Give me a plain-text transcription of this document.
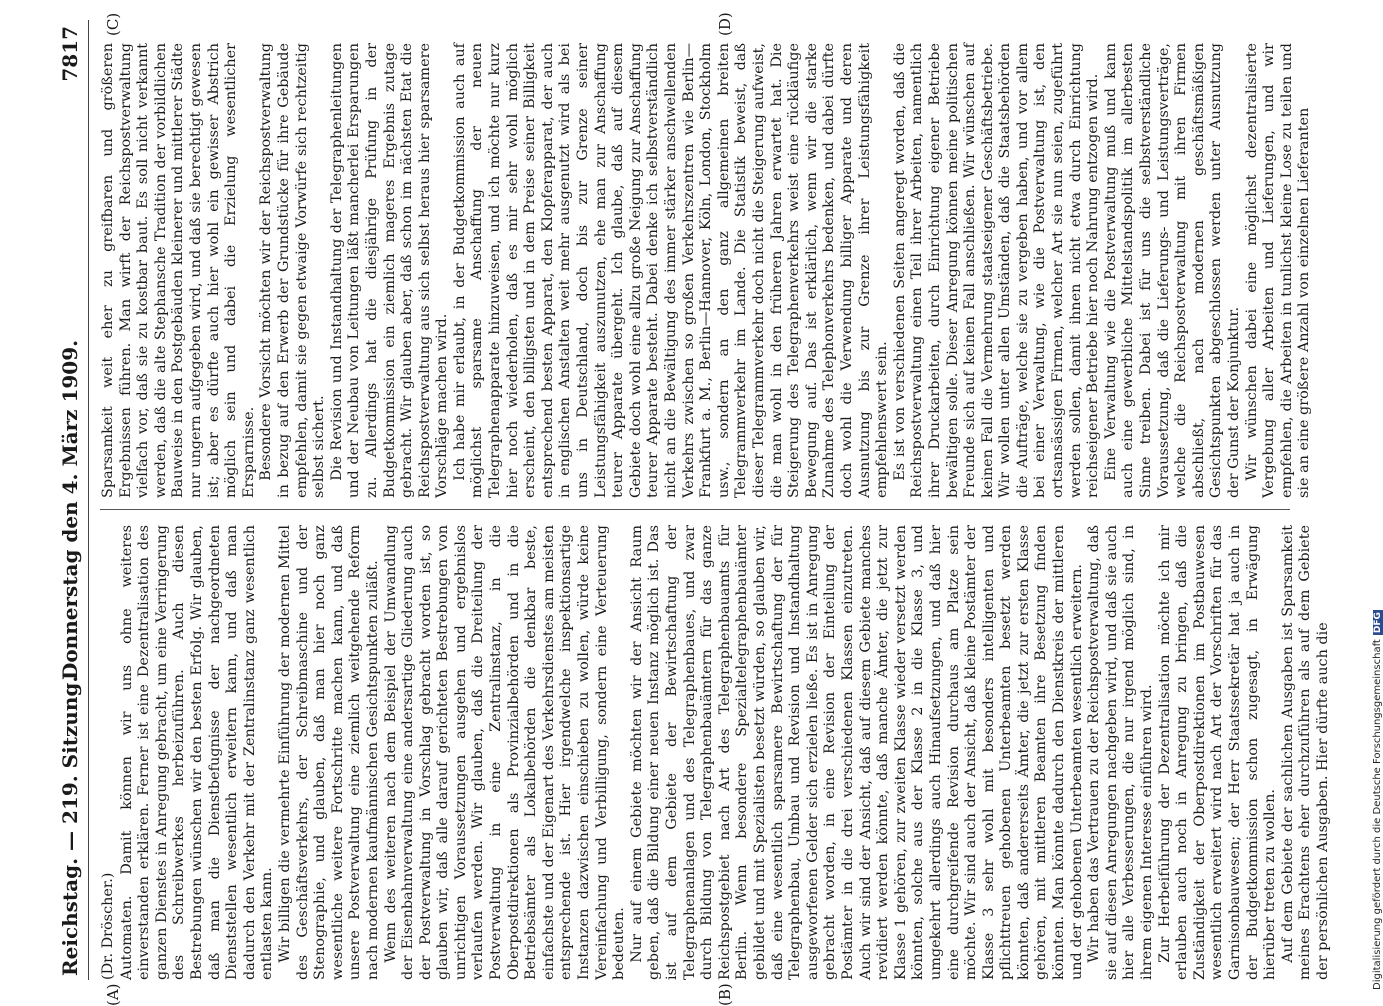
Reichstag. — 219. Sitzung.
Donnerstag den 4. März 1909.
7817
(A)	(B)
(C)	(D)

(Dr. Dröscher.) Automaten. Damit können wir uns ohne weiteres einverstanden erklären. Ferner ist eine Dezentralisation des ganzen Dienstes in Anregung gebracht, um eine Verringerung des Schreibwerkes herbeizuführen. Auch diesen Bestrebungen wünschen wir den besten Erfolg. Wir glauben, daß man die Dienstbefugnisse der nachgeordneten Dienststellen wesentlich erweitern kann, und daß man dadurch den Verkehr mit der Zentralinstanz ganz wesentlich entlasten kann. Wir billigen die vermehrte Einführung der modernen Mittel des Geschäftsverkehrs, der Schreibmaschine und der Stenographie, und glauben, daß man hier noch ganz wesentliche weitere Fortschritte machen kann, und daß unsere Postverwaltung eine ziemlich weitgehende Reform nach modernen kaufmännischen Gesichtspunkten zuläßt. Wenn des weiteren nach dem Beispiel der Umwandlung der Eisenbahnverwaltung eine andersartige Gliederung auch der Postverwaltung in Vorschlag gebracht worden ist, so glauben wir, daß alle darauf gerichteten Bestrebungen von unrichtigen Voraussetzungen ausgehen und ergebnislos verlaufen werden. Wir glauben, daß die Dreiteilung der Postverwaltung in eine Zentralinstanz, in die Oberpostdirektionen als Provinzialbehörden und in die Betriebsämter als Lokalbehörden die denkbar beste, einfachste und der Eigenart des Verkehrsdienstes am meisten entsprechende ist. Hier irgendwelche inspektionsartige Instanzen dazwischen einschieben zu wollen, würde keine Vereinfachung und Verbilligung, sondern eine Verteuerung bedeuten. Nur auf einem Gebiete möchten wir der Ansicht Raum geben, daß die Bildung einer neuen Instanz möglich ist. Das ist auf dem Gebiete der Bewirtschaftung der Telegraphenanlagen und des Telegraphenbaues, und zwar durch Bildung von Telegraphenbauämtern für das ganze Reichspostgebiet nach Art des Telegraphenbauamts für Berlin. Wenn besondere Spezialtelegraphenbauämter gebildet und mit Spezialisten besetzt würden, so glauben wir, daß eine wesentlich sparsamere Bewirtschaftung der für Telegraphenbau, Umbau und Revision und Instandhaltung ausgeworfenen Gelder sich erzielen ließe. Es ist in Anregung gebracht worden, in eine Revision der Einteilung der Postämter in die drei verschiedenen Klassen einzutreten. Auch wir sind der Ansicht, daß auf diesem Gebiete manches revidiert werden könnte, daß manche Ämter, die jetzt zur Klasse 1 gehören, zur zweiten Klasse wieder versetzt werden könnten, solche aus der Klasse 2 in die Klasse 3, und umgekehrt allerdings auch Hinaufsetzungen, und daß hier eine durchgreifende Revision durchaus am Platze sein möchte. Wir sind auch der Ansicht, daß kleine Postämter der Klasse 3 sehr wohl mit besonders intelligenten und pflichttreuen gehobenen Unterbeamten besetzt werden könnten, daß andererseits Ämter, die jetzt zur ersten Klasse gehören, mit mittleren Beamten ihre Besetzung finden könnten. Man könnte dadurch den Dienstkreis der mittleren und der gehobenen Unterbeamten wesentlich erweitern. Wir haben das Vertrauen zu der Reichspostverwaltung, daß sie auf diesen Anregungen nachgeben wird, und daß sie auch hier alle Verbesserungen, die nur irgend möglich sind, in ihrem eigenen Interesse einführen wird. Zur Herbeiführung der Dezentralisation möchte ich mir erlauben auch noch in Anregung zu bringen, daß die Zuständigkeit der Oberpostdirektionen im Postbauwesen wesentlich erweitert wird nach Art der Vorschriften für das Garnisonbauwesen; der Herr Staatssekretär hat ja auch in der Budgetkommission schon zugesagt, in Erwägung hierüber treten zu wollen. Auf dem Gebiete der sachlichen Ausgaben ist Sparsamkeit meines Erachtens eher durchzuführen als auf dem Gebiete der persönlichen Ausgaben. Hier dürfte auch die

Sparsamkeit weit eher zu greifbaren und größeren Ergebnissen führen. Man wirft der Reichspostverwaltung vielfach vor, daß sie zu kostbar baut. Es soll nicht verkannt werden, daß die alte Stephansche Tradition der vorbildlichen Bauweise in den Postgebäuden kleinerer und mittlerer Städte nur ungern aufgegeben wird, und daß sie berechtigt gewesen ist; aber es dürfte auch hier wohl ein gewisser Abstrich möglich sein und dabei die Erzielung wesentlicher Ersparnisse. Besondere Vorsicht möchten wir der Reichspostverwaltung in bezug auf den Erwerb der Grundstücke für ihre Gebäude empfehlen, damit sie gegen etwaige Vorwürfe sich rechtzeitig selbst sichert. Die Revision und Instandhaltung der Telegraphenleitungen und der Neubau von Leitungen läßt mancherlei Ersparungen zu. Allerdings hat die diesjährige Prüfung in der Budgetkommission ein ziemlich mageres Ergebnis zutage gebracht. Wir glauben aber, daß schon im nächsten Etat die Reichspostverwaltung aus sich selbst heraus hier sparsamere Vorschläge machen wird. Ich habe mir erlaubt, in der Budgetkommission auch auf möglichst sparsame Anschaffung der neuen Telegraphenapparate hinzuweisen, und ich möchte nur kurz hier noch wiederholen, daß es mir sehr wohl möglich erscheint, den billigsten und in dem Preise seiner Billigkeit entsprechend besten Apparat, den Klopferapparat, der auch in englischen Anstalten weit mehr ausgenutzt wird als bei uns in Deutschland, doch bis zur Grenze seiner Leistungsfähigkeit auszunutzen, ehe man zur Anschaffung teurer Apparate übergeht. Ich glaube, daß auf diesem Gebiete doch wohl eine allzu große Neigung zur Anschaffung teurer Apparate besteht. Dabei denke ich selbstverständlich nicht an die Bewältigung des immer stärker anschwellenden Verkehrs zwischen so großen Verkehrszentren wie Berlin—Frankfurt a. M., Berlin—Hannover, Köln, London, Stockholm usw., sondern an den ganz allgemeinen breiten Telegrammverkehr im Lande. Die Statistik beweist, daß dieser Telegrammverkehr doch nicht die Steigerung aufweist, die man wohl in den früheren Jahren erwartet hat. Die Steigerung des Telegraphenverkehrs weist eine rückläufige Bewegung auf. Das ist erklärlich, wenn wir die starke Zunahme des Telephonverkehrs bedenken, und dabei dürfte doch wohl die Verwendung billiger Apparate und deren Ausnutzung bis zur Grenze ihrer Leistungsfähigkeit empfehlenswert sein. Es ist von verschiedenen Seiten angeregt worden, daß die Reichspostverwaltung einen Teil ihrer Arbeiten, namentlich ihrer Druckarbeiten, durch Einrichtung eigener Betriebe bewältigen solle. Dieser Anregung können meine politischen Freunde sich auf keinen Fall anschließen. Wir wünschen auf keinen Fall die Vermehrung staatseigener Geschäftsbetriebe. Wir wollen unter allen Umständen, daß die Staatsbehörden die Aufträge, welche sie zu vergeben haben, und vor allem bei einer Verwaltung, wie die Postverwaltung ist, den ortsansässigen Firmen, welcher Art sie nun seien, zugeführt werden sollen, damit ihnen nicht etwa durch Einrichtung reichseigener Betriebe hier noch Nahrung entzogen wird. Eine Verwaltung wie die Postverwaltung muß und kann auch eine gewerbliche Mittelstandspolitik im allerbesten Sinne treiben. Dabei ist für uns die selbstverständliche Voraussetzung, daß die Lieferungs- und Leistungsverträge, welche die Reichspostverwaltung mit ihren Firmen abschließt, nach modernen geschäftsmäßigen Gesichtspunkten abgeschlossen werden unter Ausnutzung der Gunst der Konjunktur. Wir wünschen dabei eine möglichst dezentralisierte Vergebung aller Arbeiten und Lieferungen, und wir empfehlen, die Arbeiten in tunlichst kleine Lose zu teilen und sie an eine größere Anzahl von einzelnen Lieferanten

Digitalisierung gefördert durch die Deutsche ForschungsgemeinschaftDFG
